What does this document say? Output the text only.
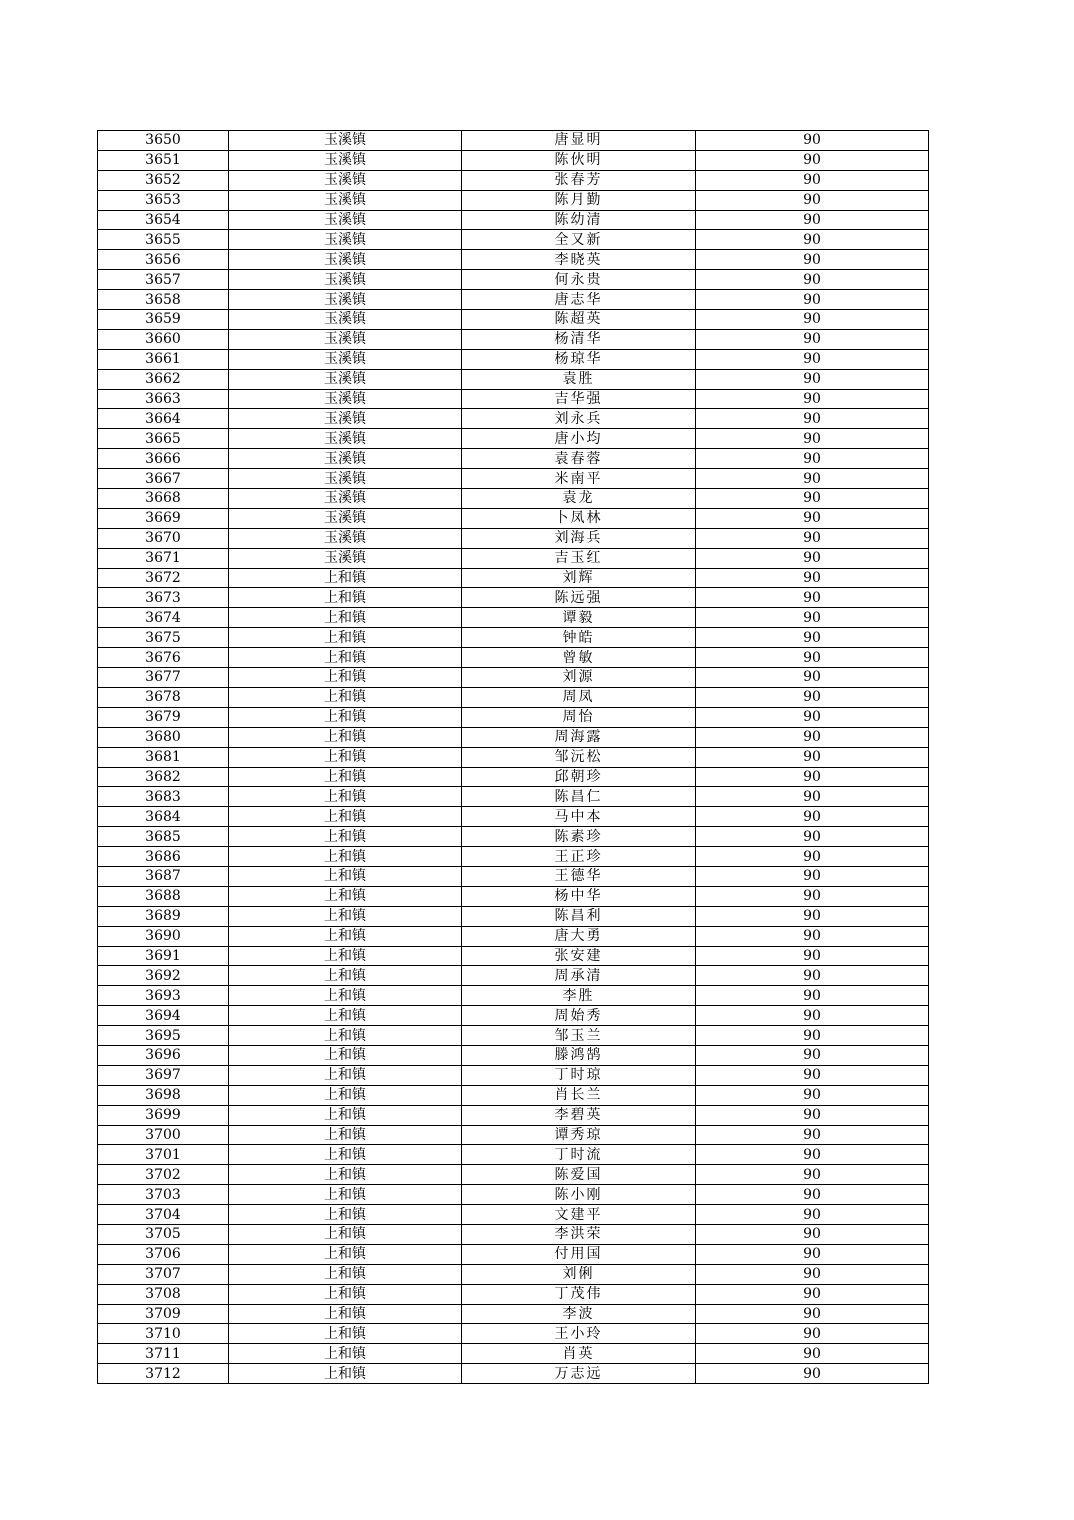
3650	玉溪镇	唐显明	90
3651	玉溪镇	陈伙明	90
3652	玉溪镇	张春芳	90
3653	玉溪镇	陈月勤	90
3654	玉溪镇	陈幼清	90
3655	玉溪镇	全又新	90
3656	玉溪镇	李晓英	90
3657	玉溪镇	何永贵	90
3658	玉溪镇	唐志华	90
3659	玉溪镇	陈超英	90
3660	玉溪镇	杨清华	90
3661	玉溪镇	杨琼华	90
3662	玉溪镇	袁胜	90
3663	玉溪镇	吉华强	90
3664	玉溪镇	刘永兵	90
3665	玉溪镇	唐小均	90
3666	玉溪镇	袁春蓉	90
3667	玉溪镇	米南平	90
3668	玉溪镇	袁龙	90
3669	玉溪镇	卜凤林	90
3670	玉溪镇	刘海兵	90
3671	玉溪镇	吉玉红	90
3672	上和镇	刘辉	90
3673	上和镇	陈远强	90
3674	上和镇	谭毅	90
3675	上和镇	钟皓	90
3676	上和镇	曾敏	90
3677	上和镇	刘源	90
3678	上和镇	周凤	90
3679	上和镇	周怡	90
3680	上和镇	周海露	90
3681	上和镇	邹沅松	90
3682	上和镇	邱朝珍	90
3683	上和镇	陈昌仁	90
3684	上和镇	马中本	90
3685	上和镇	陈素珍	90
3686	上和镇	王正珍	90
3687	上和镇	王德华	90
3688	上和镇	杨中华	90
3689	上和镇	陈昌利	90
3690	上和镇	唐大勇	90
3691	上和镇	张安建	90
3692	上和镇	周承清	90
3693	上和镇	李胜	90
3694	上和镇	周始秀	90
3695	上和镇	邹玉兰	90
3696	上和镇	滕鸿鹄	90
3697	上和镇	丁时琼	90
3698	上和镇	肖长兰	90
3699	上和镇	李碧英	90
3700	上和镇	谭秀琼	90
3701	上和镇	丁时流	90
3702	上和镇	陈爱国	90
3703	上和镇	陈小刚	90
3704	上和镇	文建平	90
3705	上和镇	李洪荣	90
3706	上和镇	付用国	90
3707	上和镇	刘俐	90
3708	上和镇	丁茂伟	90
3709	上和镇	李波	90
3710	上和镇	王小玲	90
3711	上和镇	肖英	90
3712	上和镇	万志远	90
